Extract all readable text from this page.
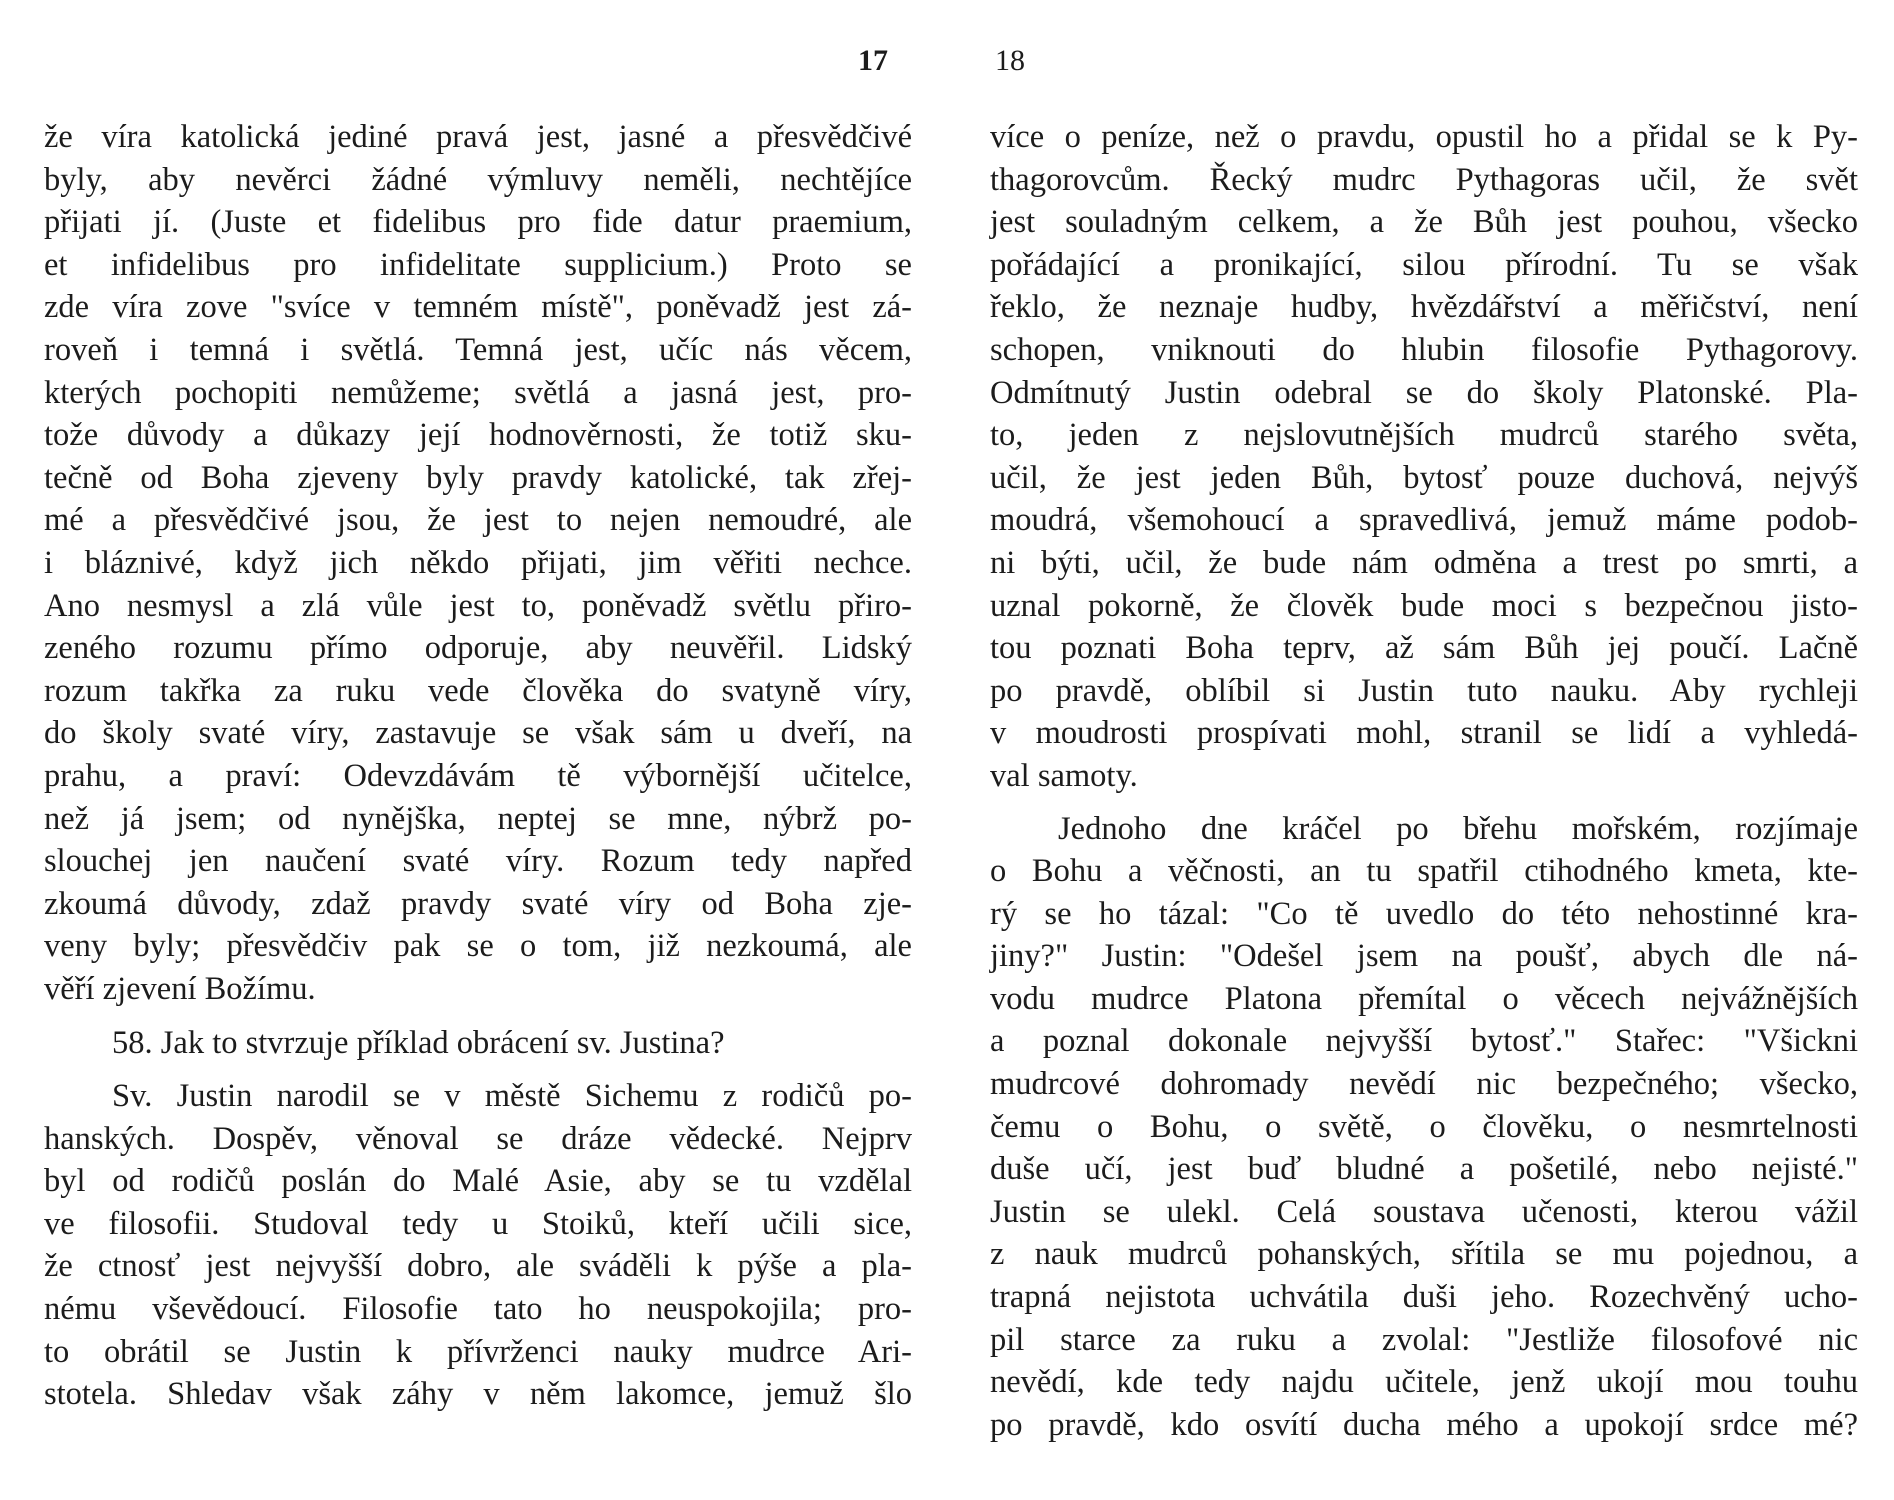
17
že víra katolická jediné pravá jest, jasné a přesvědčivé
byly, aby nevěrci žádné výmluvy neměli, nechtějíce
přijati jí. (Juste et fidelibus pro fide datur praemium,
et infidelibus pro infidelitate supplicium.) Proto se
zde víra zove "svíce v temném místě", poněvadž jest zá-
roveň i temná i světlá. Temná jest, učíc nás věcem,
kterých pochopiti nemůžeme; světlá a jasná jest, pro-
tože důvody a důkazy její hodnověrnosti, že totiž sku-
tečně od Boha zjeveny byly pravdy katolické, tak zřej-
mé a přesvědčivé jsou, že jest to nejen nemoudré, ale
i bláznivé, když jich někdo přijati, jim věřiti nechce.
Ano nesmysl a zlá vůle jest to, poněvadž světlu přiro-
zeného rozumu přímo odporuje, aby neuvěřil. Lidský
rozum takřka za ruku vede člověka do svatyně víry,
do školy svaté víry, zastavuje se však sám u dveří, na
prahu, a praví: Odevzdávám tě výbornější učitelce,
než já jsem; od nynějška, neptej se mne, nýbrž po-
slouchej jen naučení svaté víry. Rozum tedy napřed
zkoumá důvody, zdaž pravdy svaté víry od Boha zje-
veny byly; přesvědčiv pak se o tom, již nezkoumá, ale
věří zjevení Božímu.
58. Jak to stvrzuje příklad obrácení sv. Justina?
Sv. Justin narodil se v městě Sichemu z rodičů po-
hanských. Dospěv, věnoval se dráze vědecké. Nejprv
byl od rodičů poslán do Malé Asie, aby se tu vzdělal
ve filosofii. Studoval tedy u Stoiků, kteří učili sice,
že ctnosť jest nejvyšší dobro, ale sváděli k pýše a pla-
nému vševědoucí. Filosofie tato ho neuspokojila; pro-
to obrátil se Justin k přívrženci nauky mudrce Ari-
stotela. Shledav však záhy v něm lakomce, jemuž šlo
18
více o peníze, než o pravdu, opustil ho a přidal se k Py-
thagorovcům. Řecký mudrc Pythagoras učil, že svět
jest souladným celkem, a že Bůh jest pouhou, všecko
pořádající a pronikající, silou přírodní. Tu se však
řeklo, že neznaje hudby, hvězdářství a měřičství, není
schopen, vniknouti do hlubin filosofie Pythagorovy.
Odmítnutý Justin odebral se do školy Platonské. Pla-
to, jeden z nejslovutnějších mudrců starého světa,
učil, že jest jeden Bůh, bytosť pouze duchová, nejvýš
moudrá, všemohoucí a spravedlivá, jemuž máme podob-
ni býti, učil, že bude nám odměna a trest po smrti, a
uznal pokorně, že člověk bude moci s bezpečnou jisto-
tou poznati Boha teprv, až sám Bůh jej poučí. Lačně
po pravdě, oblíbil si Justin tuto nauku. Aby rychleji
v moudrosti prospívati mohl, stranil se lidí a vyhledá-
val samoty.
Jednoho dne kráčel po břehu mořském, rozjímaje
o Bohu a věčnosti, an tu spatřil ctihodného kmeta, kte-
rý se ho tázal: "Co tě uvedlo do této nehostinné kra-
jiny?" Justin: "Odešel jsem na poušť, abych dle ná-
vodu mudrce Platona přemítal o věcech nejvážnějších
a poznal dokonale nejvyšší bytosť." Stařec: "Všickni
mudrcové dohromady nevědí nic bezpečného; všecko,
čemu o Bohu, o světě, o člověku, o nesmrtelnosti
duše učí, jest buď bludné a pošetilé, nebo nejisté."
Justin se ulekl. Celá soustava učenosti, kterou vážil
z nauk mudrců pohanských, sřítila se mu pojednou, a
trapná nejistota uchvátila duši jeho. Rozechvěný ucho-
pil starce za ruku a zvolal: "Jestliže filosofové nic
nevědí, kde tedy najdu učitele, jenž ukojí mou touhu
po pravdě, kdo osvítí ducha mého a upokojí srdce mé?
